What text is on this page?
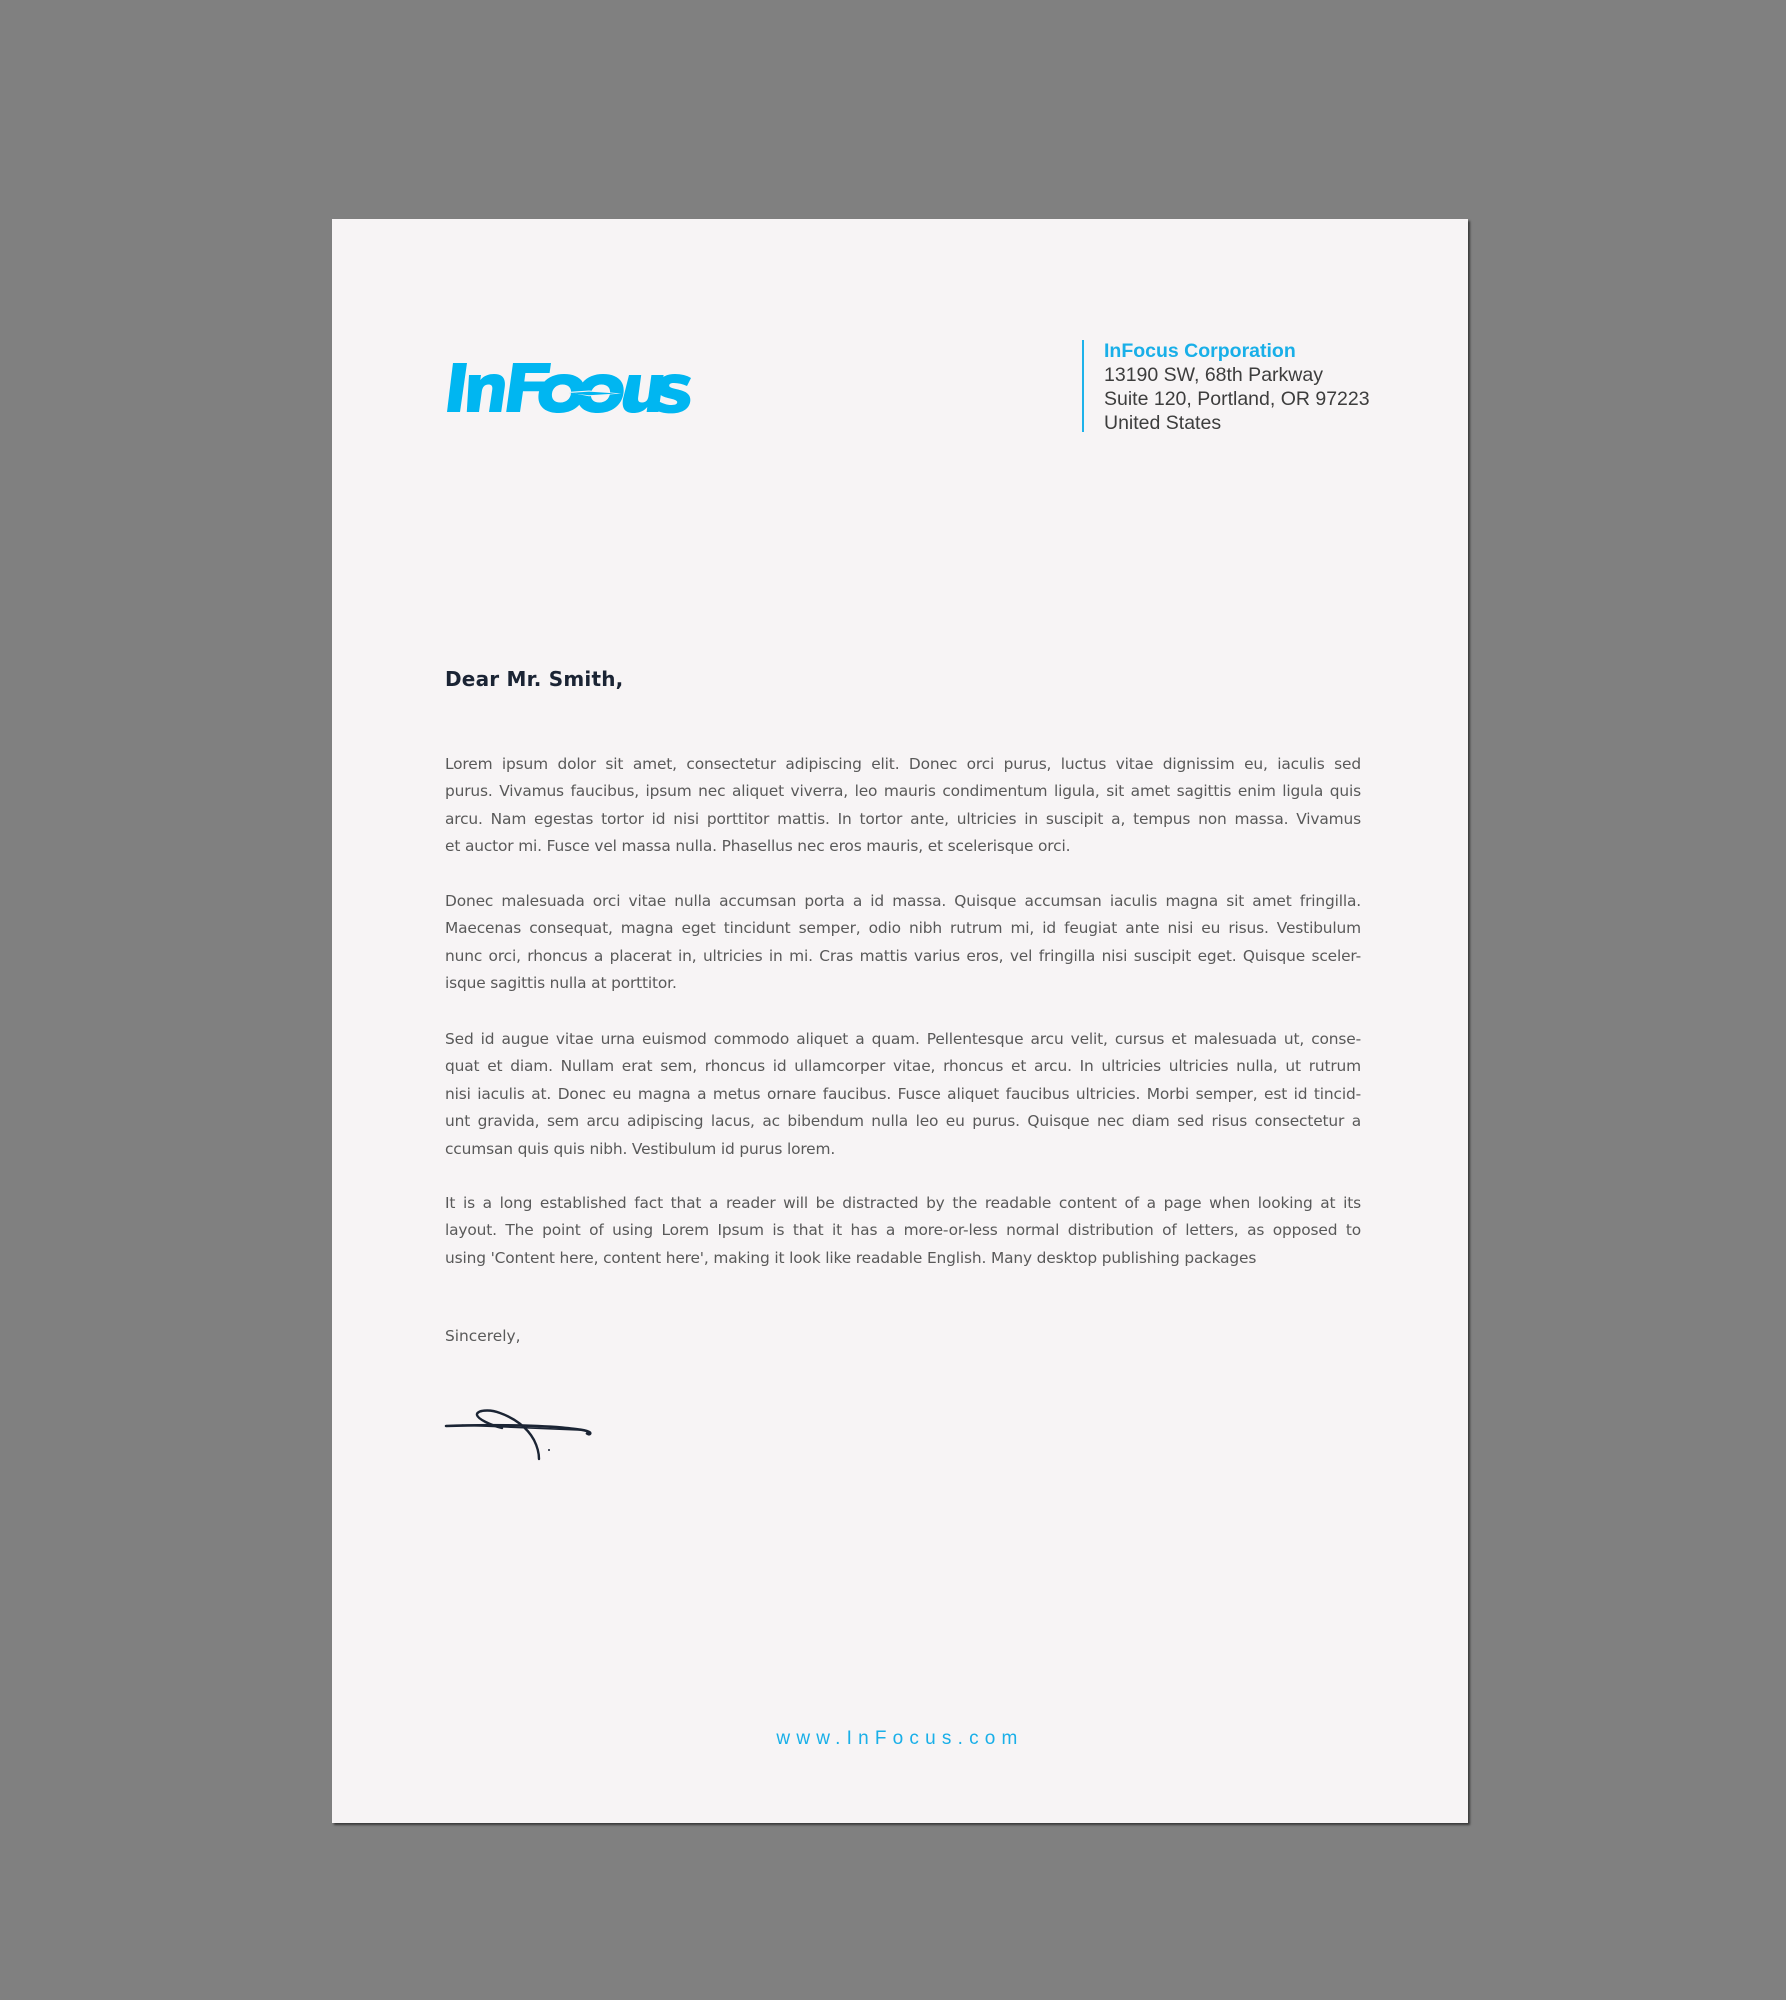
InFocus Corporation
13190 SW, 68th Parkway
Suite 120, Portland, OR 97223
United States
Dear Mr. Smith,
Lorem ipsum dolor sit amet, consectetur adipiscing elit. Donec orci purus, luctus vitae dignissim eu, iaculis sed
purus. Vivamus faucibus, ipsum nec aliquet viverra, leo mauris condimentum ligula, sit amet sagittis enim ligula quis
arcu. Nam egestas tortor id nisi porttitor mattis. In tortor ante, ultricies in suscipit a, tempus non massa. Vivamus
et auctor mi. Fusce vel massa nulla. Phasellus nec eros mauris, et scelerisque orci.
Donec malesuada orci vitae nulla accumsan porta a id massa. Quisque accumsan iaculis magna sit amet fringilla.
Maecenas consequat, magna eget tincidunt semper, odio nibh rutrum mi, id feugiat ante nisi eu risus. Vestibulum
nunc orci, rhoncus a placerat in, ultricies in mi. Cras mattis varius eros, vel fringilla nisi suscipit eget. Quisque sceler-
isque sagittis nulla at porttitor.
Sed id augue vitae urna euismod commodo aliquet a quam. Pellentesque arcu velit, cursus et malesuada ut, conse-
quat et diam. Nullam erat sem, rhoncus id ullamcorper vitae, rhoncus et arcu. In ultricies ultricies nulla, ut rutrum
nisi iaculis at. Donec eu magna a metus ornare faucibus. Fusce aliquet faucibus ultricies. Morbi semper, est id tincid-
unt gravida, sem arcu adipiscing lacus, ac bibendum nulla leo eu purus. Quisque nec diam sed risus consectetur a
ccumsan quis quis nibh. Vestibulum id purus lorem.
It is a long established fact that a reader will be distracted by the readable content of a page when looking at its
layout. The point of using Lorem Ipsum is that it has a more-or-less normal distribution of letters, as opposed to
using 'Content here, content here', making it look like readable English. Many desktop publishing packages
Sincerely,
www.InFocus.com
